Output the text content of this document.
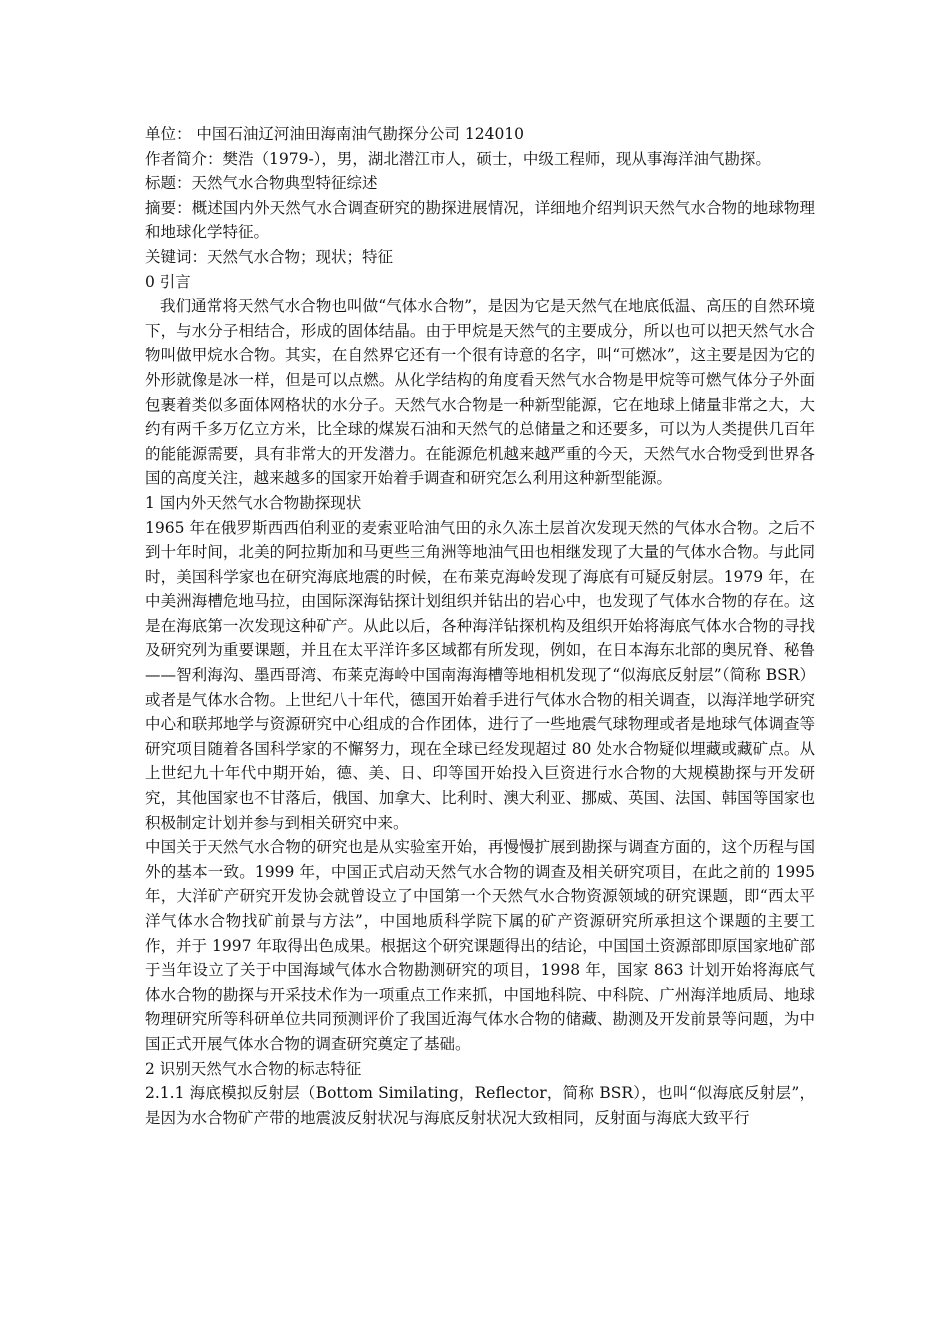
单位： 中国石油辽河油田海南油气勘探分公司 124010

作者简介：樊浩（1979-），男，湖北潜江市人，硕士，中级工程师，现从事海洋油气勘探。

标题：天然气水合物典型特征综述

摘要：概述国内外天然气水合调查研究的勘探进展情况，详细地介绍判识天然气水合物的地球物理和地球化学特征。

关键词：天然气水合物；现状；特征

0 引言

我们通常将天然气水合物也叫做“气体水合物”，是因为它是天然气在地底低温、高压的自然环境下，与水分子相结合，形成的固体结晶。由于甲烷是天然气的主要成分，所以也可以把天然气水合物叫做甲烷水合物。其实，在自然界它还有一个很有诗意的名字，叫“可燃冰”，这主要是因为它的外形就像是冰一样，但是可以点燃。从化学结构的角度看天然气水合物是甲烷等可燃气体分子外面包裹着类似多面体网格状的水分子。天然气水合物是一种新型能源，它在地球上储量非常之大，大约有两千多万亿立方米，比全球的煤炭石油和天然气的总储量之和还要多，可以为人类提供几百年的能能源需要，具有非常大的开发潜力。在能源危机越来越严重的今天，天然气水合物受到世界各国的高度关注，越来越多的国家开始着手调查和研究怎么利用这种新型能源。

1 国内外天然气水合物勘探现状

1965 年在俄罗斯西西伯利亚的麦索亚哈油气田的永久冻土层首次发现天然的气体水合物。之后不到十年时间，北美的阿拉斯加和马更些三角洲等地油气田也相继发现了大量的气体水合物。与此同时，美国科学家也在研究海底地震的时候，在布莱克海岭发现了海底有可疑反射层。1979 年，在中美洲海槽危地马拉，由国际深海钻探计划组织并钻出的岩心中，也发现了气体水合物的存在。这是在海底第一次发现这种矿产。从此以后，各种海洋钻探机构及组织开始将海底气体水合物的寻找及研究列为重要课题，并且在太平洋许多区域都有所发现，例如，在日本海东北部的奥尻脊、秘鲁——智利海沟、墨西哥湾、布莱克海岭中国南海海槽等地相机发现了“似海底反射层”（简称 BSR）或者是气体水合物。上世纪八十年代，德国开始着手进行气体水合物的相关调查，以海洋地学研究中心和联邦地学与资源研究中心组成的合作团体，进行了一些地震气球物理或者是地球气体调查等研究项目随着各国科学家的不懈努力，现在全球已经发现超过 80 处水合物疑似埋藏或藏矿点。从上世纪九十年代中期开始，德、美、日、印等国开始投入巨资进行水合物的大规模勘探与开发研究，其他国家也不甘落后，俄国、加拿大、比利时、澳大利亚、挪威、英国、法国、韩国等国家也积极制定计划并参与到相关研究中来。

中国关于天然气水合物的研究也是从实验室开始，再慢慢扩展到勘探与调查方面的，这个历程与国外的基本一致。1999 年，中国正式启动天然气水合物的调查及相关研究项目，在此之前的 1995 年，大洋矿产研究开发协会就曾设立了中国第一个天然气水合物资源领域的研究课题，即“西太平洋气体水合物找矿前景与方法”，中国地质科学院下属的矿产资源研究所承担这个课题的主要工作，并于 1997 年取得出色成果。根据这个研究课题得出的结论，中国国土资源部即原国家地矿部于当年设立了关于中国海域气体水合物勘测研究的项目，1998 年，国家 863 计划开始将海底气体水合物的勘探与开采技术作为一项重点工作来抓，中国地科院、中科院、广州海洋地质局、地球物理研究所等科研单位共同预测评价了我国近海气体水合物的储藏、勘测及开发前景等问题，为中国正式开展气体水合物的调查研究奠定了基础。

2 识别天然气水合物的标志特征

2.1.1 海底模拟反射层（Bottom Similating，Reflector，简称 BSR），也叫“似海底反射层”，是因为水合物矿产带的地震波反射状况与海底反射状况大致相同，反射面与海底大致平行
